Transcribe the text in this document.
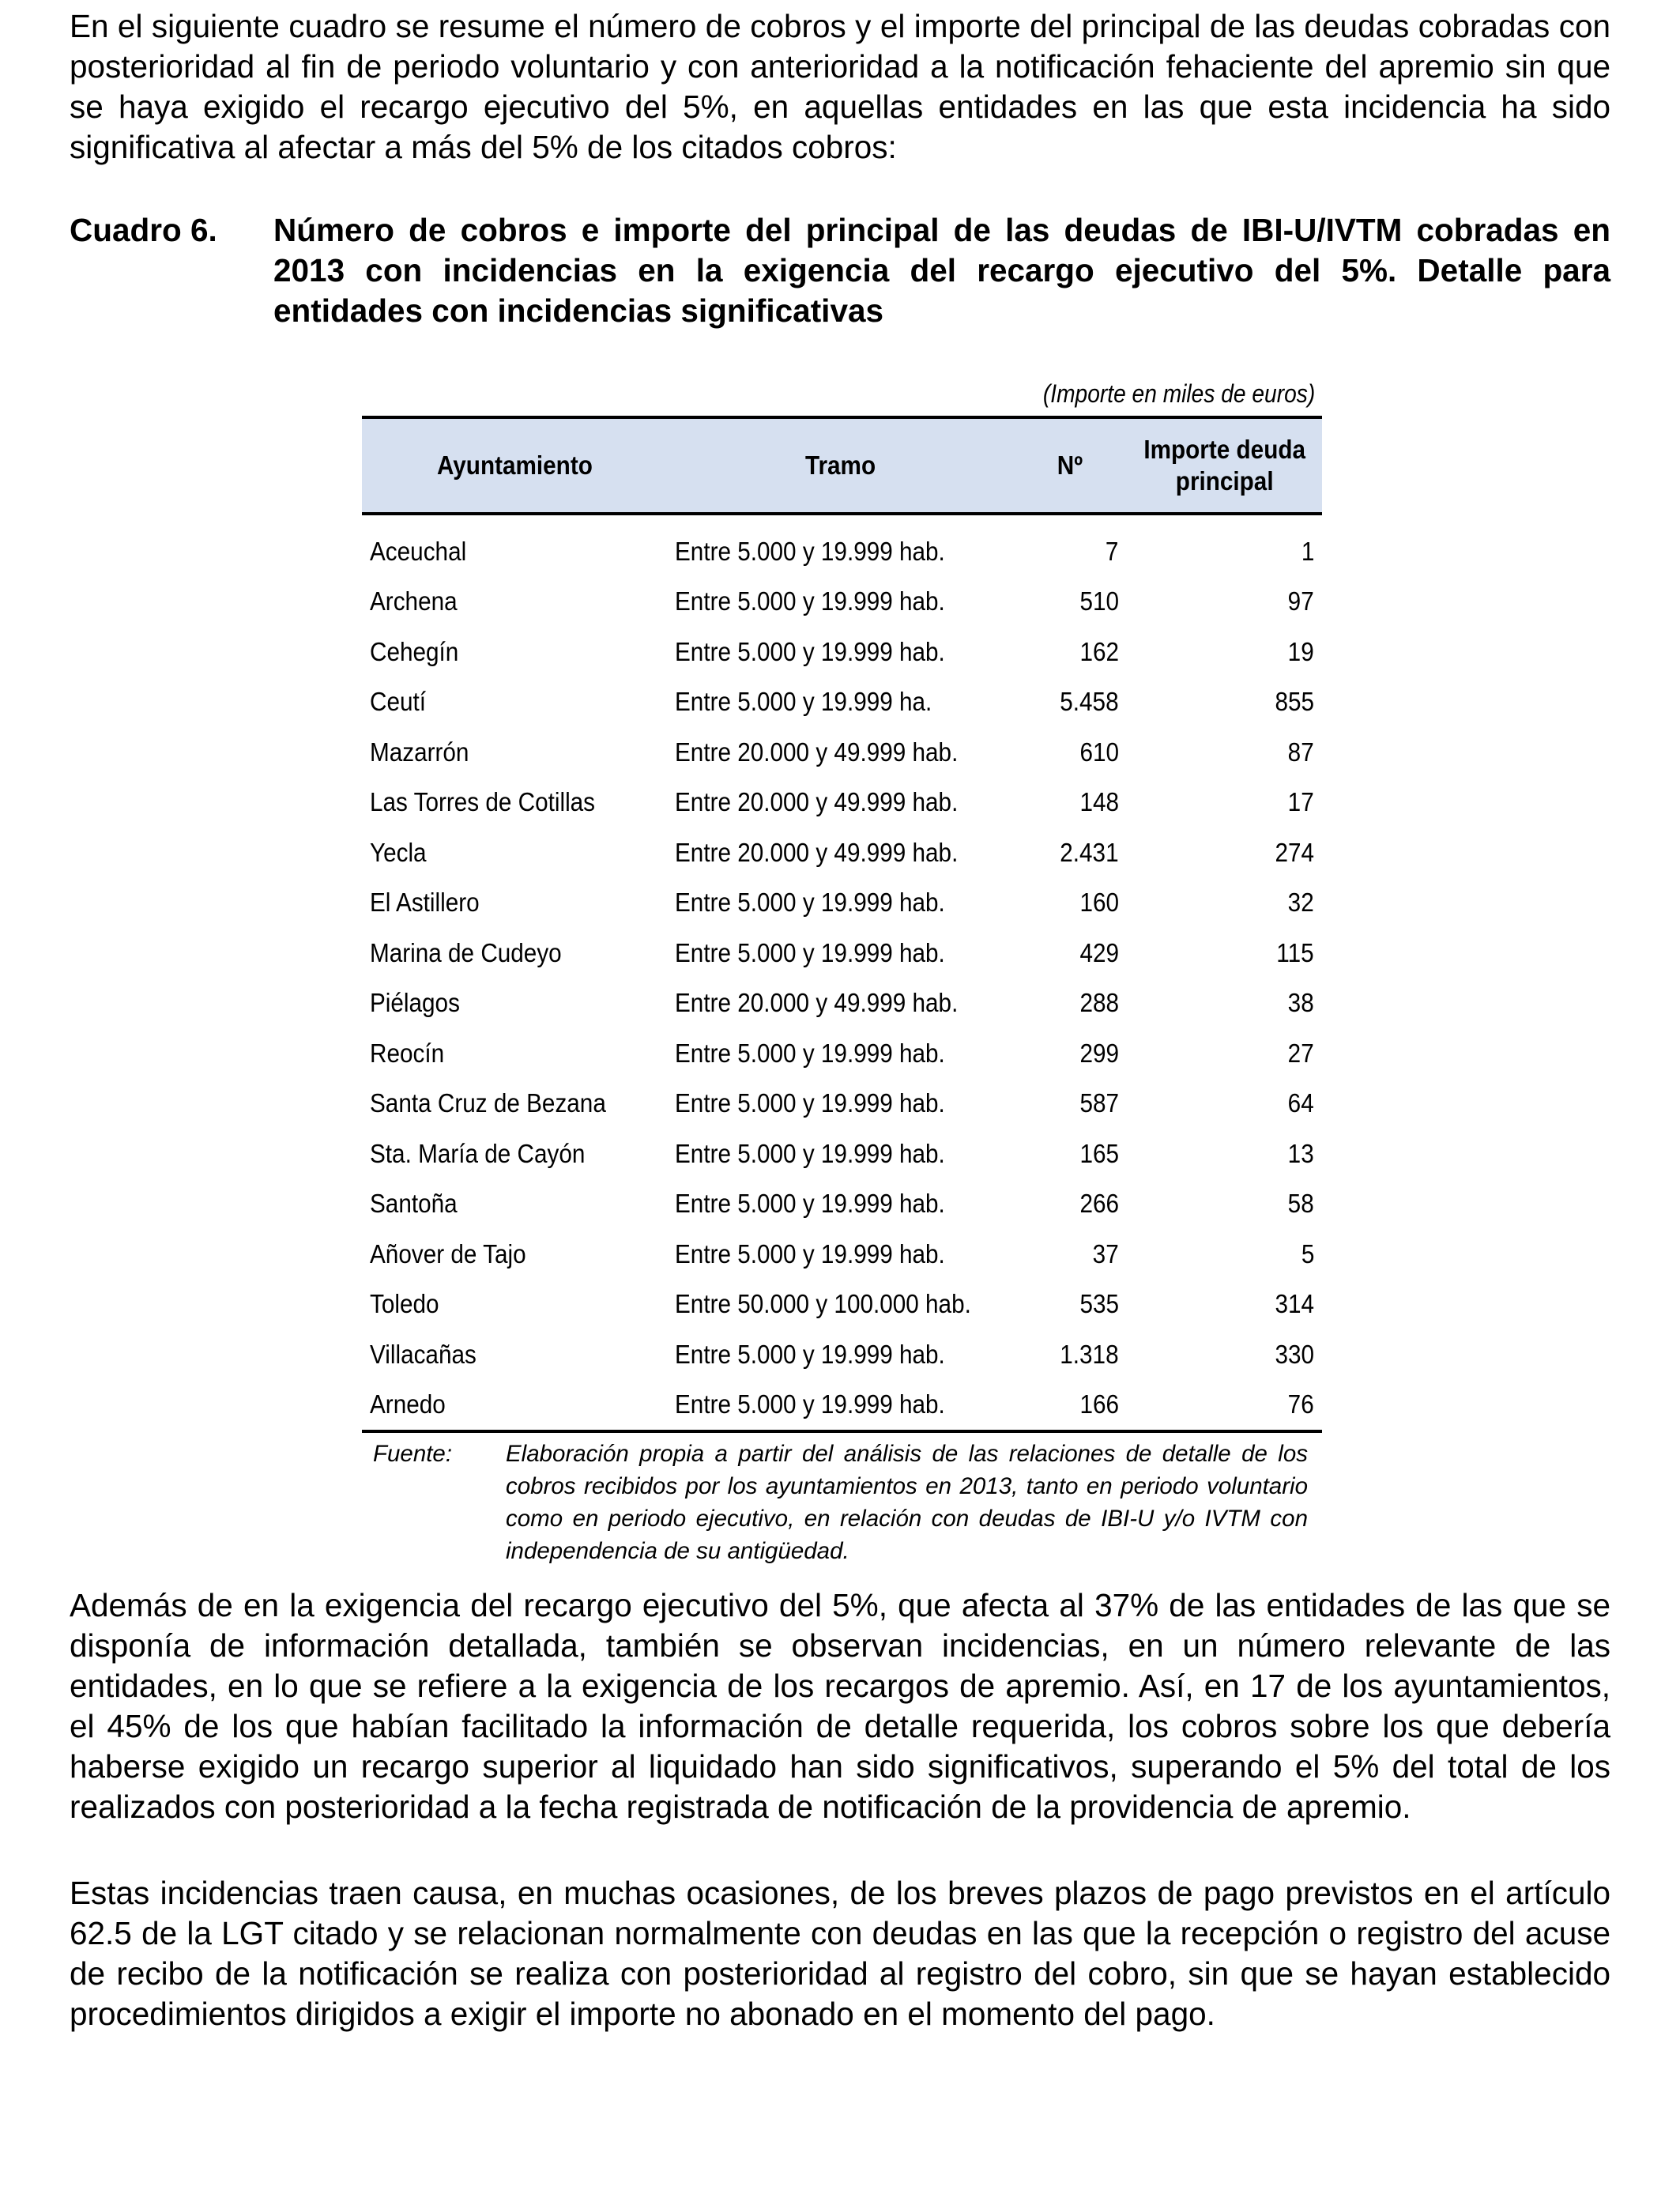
En el siguiente cuadro se resume el número de cobros y el importe del principal de las deudas cobradas con posterioridad al fin de periodo voluntario y con anterioridad a la notificación fehaciente del apremio sin que se haya exigido el recargo ejecutivo del 5%, en aquellas entidades en las que esta incidencia ha sido significativa al afectar a más del 5% de los citados cobros:

Cuadro 6. Número de cobros e importe del principal de las deudas de IBI-U/IVTM cobradas en 2013 con incidencias en la exigencia del recargo ejecutivo del 5%. Detalle para entidades con incidencias significativas

(Importe en miles de euros)
Ayuntamiento	Tramo	Nº	Importe deuda
principal

Aceuchal	Entre 5.000 y 19.999 hab.	7	1
Archena	Entre 5.000 y 19.999 hab.	510	97
Cehegín	Entre 5.000 y 19.999 hab.	162	19
Ceutí	Entre 5.000 y 19.999 ha.	5.458	855
Mazarrón	Entre 20.000 y 49.999 hab.	610	87
Las Torres de Cotillas	Entre 20.000 y 49.999 hab.	148	17
Yecla	Entre 20.000 y 49.999 hab.	2.431	274
El Astillero	Entre 5.000 y 19.999 hab.	160	32
Marina de Cudeyo	Entre 5.000 y 19.999 hab.	429	115
Piélagos	Entre 20.000 y 49.999 hab.	288	38
Reocín	Entre 5.000 y 19.999 hab.	299	27
Santa Cruz de Bezana	Entre 5.000 y 19.999 hab.	587	64
Sta. María de Cayón	Entre 5.000 y 19.999 hab.	165	13
Santoña	Entre 5.000 y 19.999 hab.	266	58
Añover de Tajo	Entre 5.000 y 19.999 hab.	37	5
Toledo	Entre 50.000 y 100.000 hab.	535	314
Villacañas	Entre 5.000 y 19.999 hab.	1.318	330
Arnedo	Entre 5.000 y 19.999 hab.	166	76
Fuente: Elaboración propia a partir del análisis de las relaciones de detalle de los cobros recibidos por los ayuntamientos en 2013, tanto en periodo voluntario como en periodo ejecutivo, en relación con deudas de IBI-U y/o IVTM con independencia de su antigüedad.

Además de en la exigencia del recargo ejecutivo del 5%, que afecta al 37% de las entidades de las que se disponía de información detallada, también se observan incidencias, en un número relevante de las entidades, en lo que se refiere a la exigencia de los recargos de apremio. Así, en 17 de los ayuntamientos, el 45% de los que habían facilitado la información de detalle requerida, los cobros sobre los que debería haberse exigido un recargo superior al liquidado han sido significativos, superando el 5% del total de los realizados con posterioridad a la fecha registrada de notificación de la providencia de apremio.

Estas incidencias traen causa, en muchas ocasiones, de los breves plazos de pago previstos en el artículo 62.5 de la LGT citado y se relacionan normalmente con deudas en las que la recepción o registro del acuse de recibo de la notificación se realiza con posterioridad al registro del cobro, sin que se hayan establecido procedimientos dirigidos a exigir el importe no abonado en el momento del pago.
